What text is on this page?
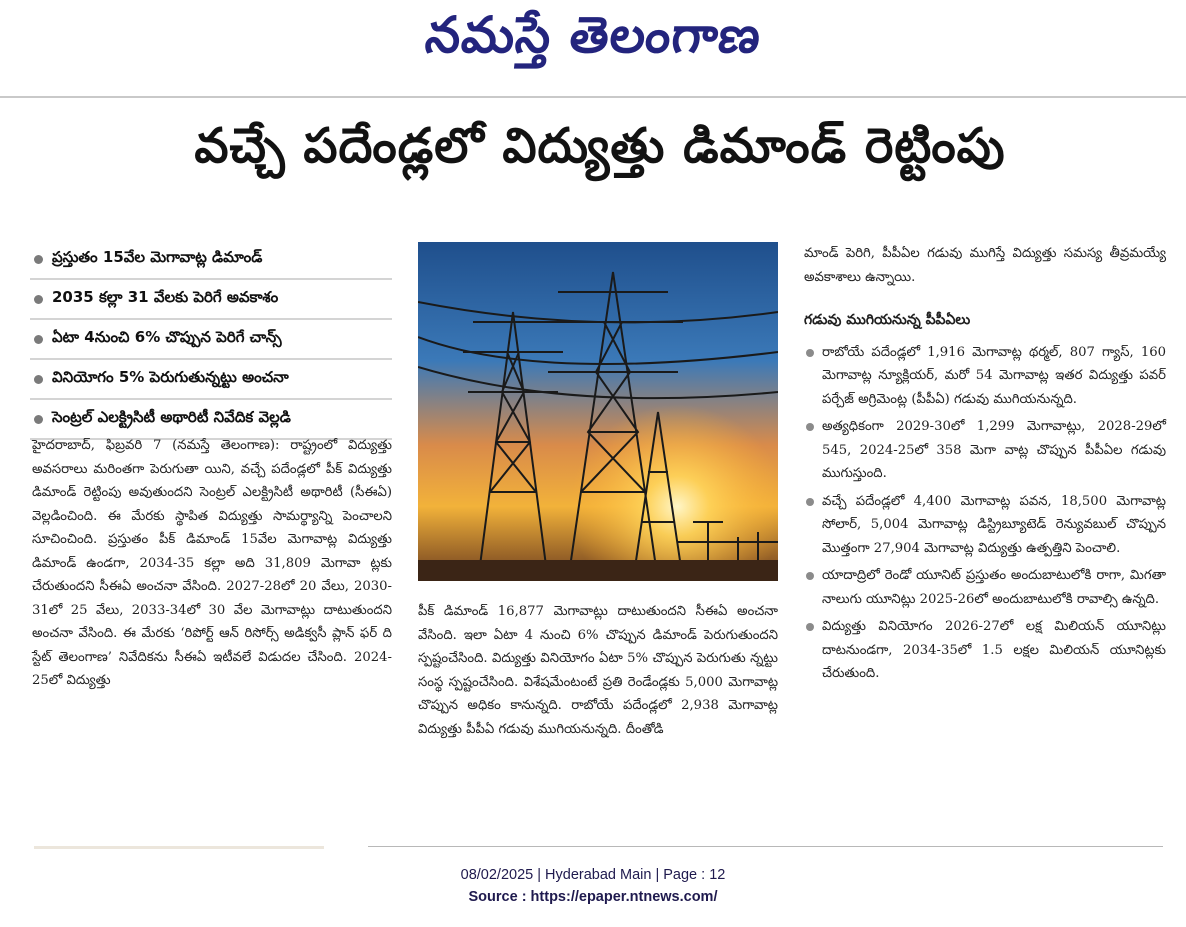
నమస్తే తెలంగాణ
వచ్చే పదేండ్లలో విద్యుత్తు డిమాండ్ రెట్టింపు
ప్రస్తుతం 15వేల మెగావాట్ల డిమాండ్
2035 కల్లా 31 వేలకు పెరిగే అవకాశం
ఏటా 4నుంచి 6% చొప్పున పెరిగే చాన్స్
వినియోగం 5% పెరుగుతున్నట్టు అంచనా
సెంట్రల్ ఎలక్ట్రిసిటీ అథారిటీ నివేదిక వెల్లడి
హైదరాబాద్, ఫిబ్రవరి 7 (నమస్తే తెలంగాణ): రాష్ట్రంలో విద్యుత్తు అవసరాలు మరింతగా పెరుగుతా యిని, వచ్చే పదేండ్లలో పీక్ విద్యుత్తు డిమాండ్ రెట్టింపు అవుతుందని సెంట్రల్ ఎలక్ట్రిసిటీ అథారిటీ (సీఈఏ) వెల్లడించింది. ఈ మేరకు స్థాపిత విద్యుత్తు సామర్థ్యాన్ని పెంచాలని సూచించింది. ప్రస్తుతం పీక్ డిమాండ్ 15వేల మెగావాట్ల విద్యుత్తు డిమాండ్ ఉండగా, 2034-35 కల్లా అది 31,809 మెగావా ట్లకు చేరుతుందని సీఈఏ అంచనా వేసింది. 2027-28లో 20 వేలు, 2030-31లో 25 వేలు, 2033-34లో 30 వేల మెగావాట్లు దాటుతుందని అంచనా వేసింది. ఈ మేరకు ‘రిపోర్ట్ ఆన్ రిసోర్స్ అడిక్వసీ ప్లాన్ ఫర్ ది స్టేట్ తెలంగాణ’ నివేదికను సీఈఏ ఇటీవలే విడుదల చేసింది. 2024-25లో విద్యుత్తు
పీక్ డిమాండ్ 16,877 మెగావాట్లు దాటుతుందని సీఈఏ అంచనా వేసింది. ఇలా ఏటా 4 నుంచి 6% చొప్పున డిమాండ్ పెరుగుతుందని స్పష్టంచేసింది. విద్యుత్తు వినియోగం ఏటా 5% చొప్పున పెరుగుతు న్నట్టు సంస్థ స్పష్టంచేసింది. విశేషమేంటంటే ప్రతి రెండేండ్లకు 5,000 మెగావాట్ల చొప్పున అధికం కానున్నది. రాబోయే పదేండ్లలో 2,938 మెగావాట్ల విద్యుత్తు పీపీఏ గడువు ముగియనున్నది. దీంతోడి
మాండ్ పెరిగి, పీపీఏల గడువు ముగిస్తే విద్యుత్తు సమస్య తీవ్రమయ్యే అవకాశాలు ఉన్నాయి.
గడువు ముగియనున్న పీపీఏలు
రాబోయే పదేండ్లలో 1,916 మెగావాట్ల థర్మల్, 807 గ్యాస్, 160 మెగావాట్ల న్యూక్లియర్, మరో 54 మెగావాట్ల ఇతర విద్యుత్తు పవర్ పర్చేజ్ అగ్రిమెంట్ల (పీపీఏ) గడువు ముగియనున్నది.
అత్యధికంగా 2029-30లో 1,299 మెగావాట్లు, 2028-29లో 545, 2024-25లో 358 మెగా వాట్ల చొప్పున పీపీఏల గడువు ముగుస్తుంది.
వచ్చే పదేండ్లలో 4,400 మెగావాట్ల పవన, 18,500 మెగావాట్ల సోలార్, 5,004 మెగావాట్ల డిస్ట్రిబ్యూటెడ్ రెన్యువబుల్ చొప్పున మొత్తంగా 27,904 మెగావాట్ల విద్యుత్తు ఉత్పత్తిని పెంచాలి.
యాదాద్రిలో రెండో యూనిట్ ప్రస్తుతం అందుబాటులోకి రాగా, మిగతా నాలుగు యూనిట్లు 2025-26లో అందుబాటులోకి రావాల్సి ఉన్నది.
విద్యుత్తు వినియోగం 2026-27లో లక్ష మిలియన్ యూనిట్లు దాటనుండగా, 2034-35లో 1.5 లక్షల మిలియన్ యూనిట్లకు చేరుతుంది.
08/02/2025 | Hyderabad Main | Page : 12
Source : https://epaper.ntnews.com/
